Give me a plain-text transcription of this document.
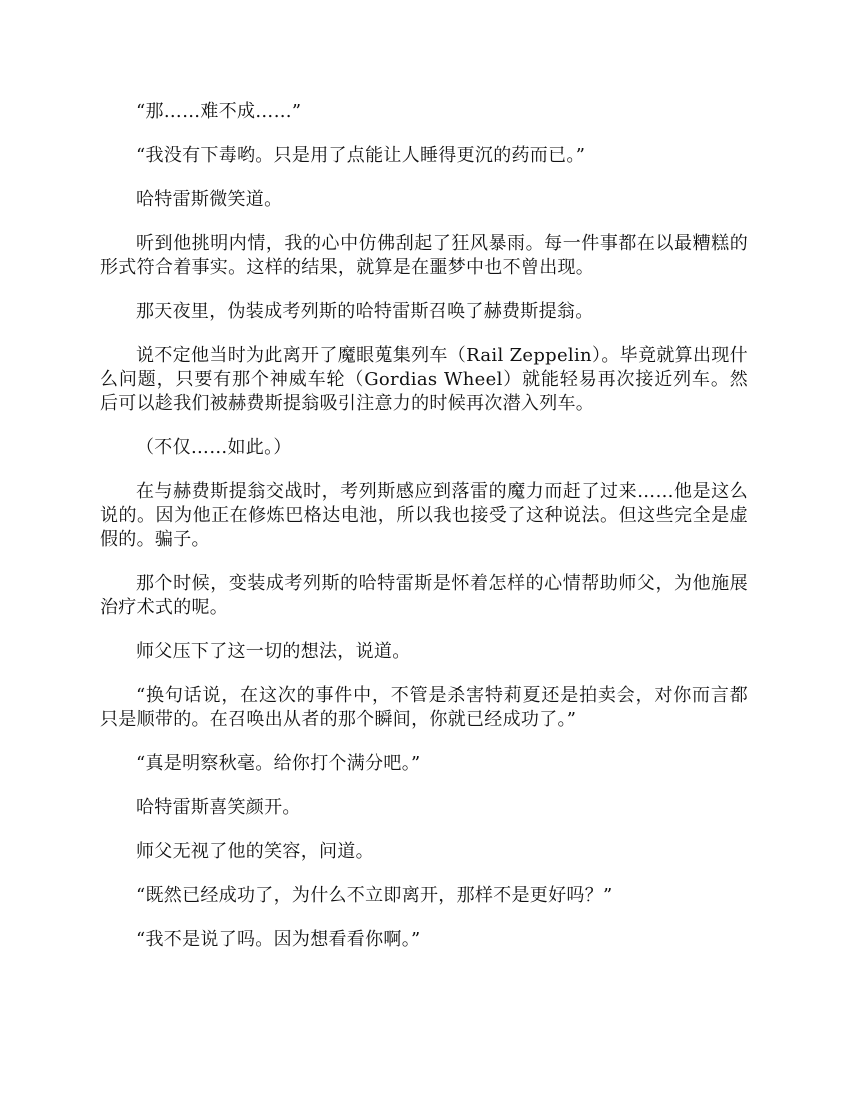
“那……难不成……”

“我没有下毒哟。只是用了点能让人睡得更沉的药而已。”

哈特雷斯微笑道。

听到他挑明内情，我的心中仿佛刮起了狂风暴雨。每一件事都在以最糟糕的形式符合着事实。这样的结果，就算是在噩梦中也不曾出现。

那天夜里，伪装成考列斯的哈特雷斯召唤了赫费斯提翁。

说不定他当时为此离开了魔眼蒐集列车（Rail Zeppelin）。毕竟就算出现什么问题，只要有那个神威车轮（Gordias Wheel）就能轻易再次接近列车。然后可以趁我们被赫费斯提翁吸引注意力的时候再次潜入列车。

（不仅……如此。）

在与赫费斯提翁交战时，考列斯感应到落雷的魔力而赶了过来……他是这么说的。因为他正在修炼巴格达电池，所以我也接受了这种说法。但这些完全是虚假的。骗子。

那个时候，变装成考列斯的哈特雷斯是怀着怎样的心情帮助师父，为他施展治疗术式的呢。

师父压下了这一切的想法，说道。

“换句话说，在这次的事件中，不管是杀害特莉夏还是拍卖会，对你而言都只是顺带的。在召唤出从者的那个瞬间，你就已经成功了。”

“真是明察秋毫。给你打个满分吧。”

哈特雷斯喜笑颜开。

师父无视了他的笑容，问道。

“既然已经成功了，为什么不立即离开，那样不是更好吗？”

“我不是说了吗。因为想看看你啊。”
